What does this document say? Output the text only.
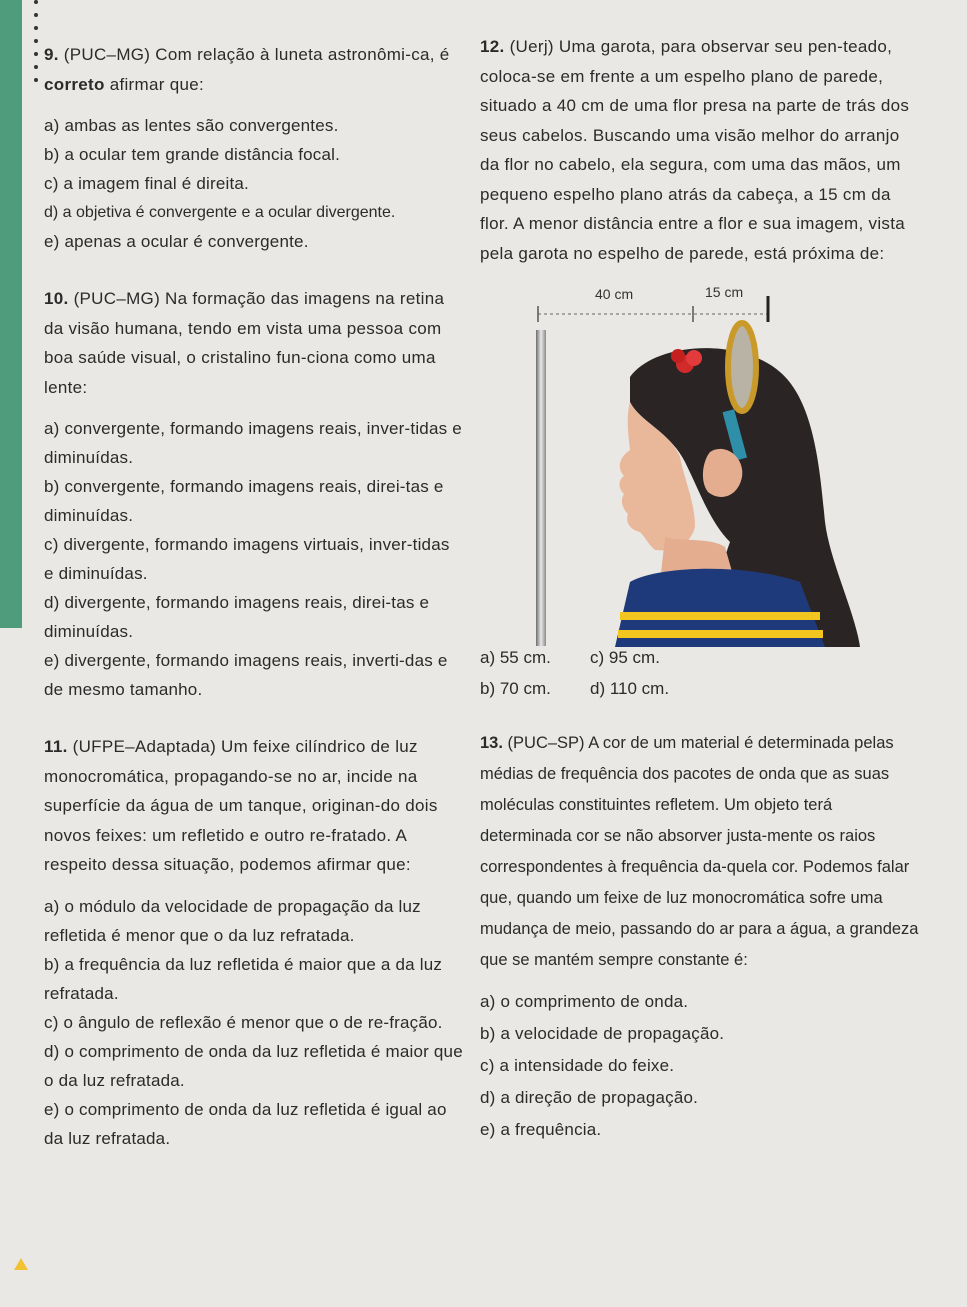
9. (PUC–MG) Com relação à luneta astronômi-ca, é correto afirmar que:

a) ambas as lentes são convergentes.

b) a ocular tem grande distância focal.

c) a imagem final é direita.

d) a objetiva é convergente e a ocular divergente.

e) apenas a ocular é convergente.

10. (PUC–MG) Na formação das imagens na retina da visão humana, tendo em vista uma pessoa com boa saúde visual, o cristalino fun-ciona como uma lente:

a) convergente, formando imagens reais, inver-tidas e diminuídas.

b) convergente, formando imagens reais, direi-tas e diminuídas.

c) divergente, formando imagens virtuais, inver-tidas e diminuídas.

d) divergente, formando imagens reais, direi-tas e diminuídas.

e) divergente, formando imagens reais, inverti-das e de mesmo tamanho.

11. (UFPE–Adaptada) Um feixe cilíndrico de luz monocromática, propagando-se no ar, incide na superfície da água de um tanque, originan-do dois novos feixes: um refletido e outro re-fratado. A respeito dessa situação, podemos afirmar que:

a) o módulo da velocidade de propagação da luz refletida é menor que o da luz refratada.

b) a frequência da luz refletida é maior que a da luz refratada.

c) o ângulo de reflexão é menor que o de re-fração.

d) o comprimento de onda da luz refletida é maior que o da luz refratada.

e) o comprimento de onda da luz refletida é igual ao da luz refratada.

12. (Uerj) Uma garota, para observar seu pen-teado, coloca-se em frente a um espelho plano de parede, situado a 40 cm de uma flor presa na parte de trás dos seus cabelos. Buscando uma visão melhor do arranjo da flor no cabelo, ela segura, com uma das mãos, um pequeno espelho plano atrás da cabeça, a 15 cm da flor. A menor distância entre a flor e sua imagem, vista pela garota no espelho de parede, está próxima de:

40 cm	15 cm

a) 55 cm.	c) 95 cm.

b) 70 cm.	d) 110 cm.

13. (PUC–SP) A cor de um material é determinada pelas médias de frequência dos pacotes de onda que as suas moléculas constituintes refletem. Um objeto terá determinada cor se não absorver justa-mente os raios correspondentes à frequência da-quela cor. Podemos falar que, quando um feixe de luz monocromática sofre uma mudança de meio, passando do ar para a água, a grandeza que se mantém sempre constante é:

a) o comprimento de onda.

b) a velocidade de propagação.

c) a intensidade do feixe.

d) a direção de propagação.

e) a frequência.
